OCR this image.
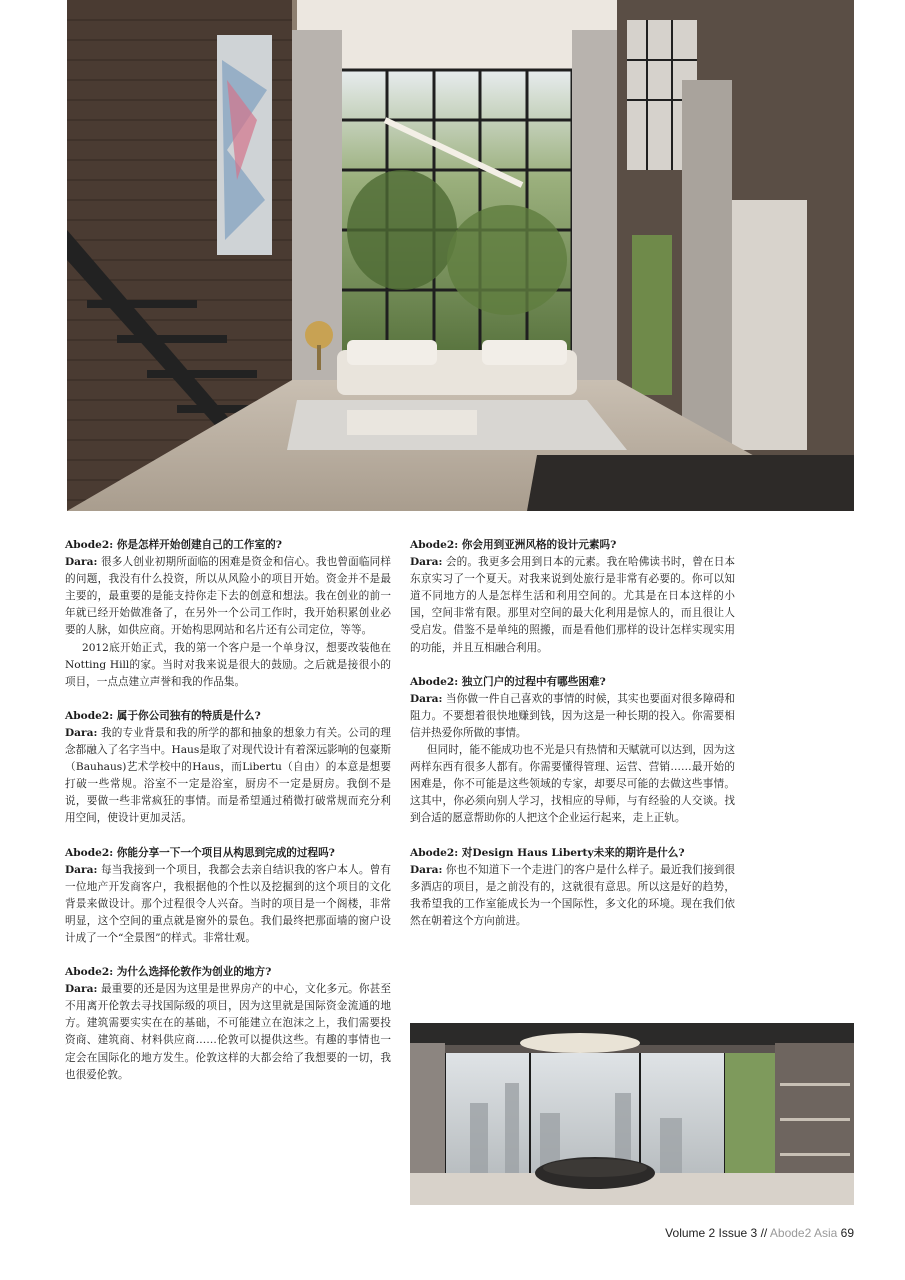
Abode2: 你是怎样开始创建自己的工作室的?
Dara: 很多人创业初期所面临的困难是资金和信心。我也曾面临同样的问题，我没有什么投资，所以从风险小的项目开始。资金并不是最主要的，最重要的是能支持你走下去的创意和想法。我在创业的前一年就已经开始做准备了，在另外一个公司工作时，我开始积累创业必要的人脉，如供应商。开始构思网站和名片还有公司定位，等等。
2012底开始正式，我的第一个客户是一个单身汉，想要改装他在Notting Hill的家。当时对我来说是很大的鼓励。之后就是接很小的项目，一点点建立声誉和我的作品集。
Abode2: 属于你公司独有的特质是什么?
Dara: 我的专业背景和我的所学的都和抽象的想象力有关。公司的理念都融入了名字当中。Haus是取了对现代设计有着深远影响的包豪斯（Bauhaus)艺术学校中的Haus，而Libertu（自由）的本意是想要打破一些常规。浴室不一定是浴室，厨房不一定是厨房。我倒不是说，要做一些非常疯狂的事情。而是希望通过稍微打破常规而充分利用空间，使设计更加灵活。
Abode2: 你能分享一下一个项目从构思到完成的过程吗?
Dara: 每当我接到一个项目，我都会去亲自结识我的客户本人。曾有一位地产开发商客户，我根据他的个性以及挖掘到的这个项目的文化背景来做设计。那个过程很令人兴奋。当时的项目是一个阁楼，非常明显，这个空间的重点就是窗外的景色。我们最终把那面墙的窗户设计成了一个“全景图”的样式。非常壮观。
Abode2: 为什么选择伦敦作为创业的地方?
Dara: 最重要的还是因为这里是世界房产的中心，文化多元。你甚至不用离开伦敦去寻找国际级的项目，因为这里就是国际资金流通的地方。建筑需要实实在在的基础，不可能建立在泡沫之上，我们需要投资商、建筑商、材料供应商……伦敦可以提供这些。有趣的事情也一定会在国际化的地方发生。伦敦这样的大都会给了我想要的一切，我也很爱伦敦。
Abode2: 你会用到亚洲风格的设计元素吗?
Dara: 会的。我更多会用到日本的元素。我在哈佛读书时，曾在日本东京实习了一个夏天。对我来说到处旅行是非常有必要的。你可以知道不同地方的人是怎样生活和利用空间的。尤其是在日本这样的小国，空间非常有限。那里对空间的最大化利用是惊人的，而且很让人受启发。借鉴不是单纯的照搬，而是看他们那样的设计怎样实现实用的功能，并且互相融合利用。
Abode2: 独立门户的过程中有哪些困难?
Dara: 当你做一件自己喜欢的事情的时候，其实也要面对很多障碍和阻力。不要想着很快地赚到钱，因为这是一种长期的投入。你需要相信并热爱你所做的事情。
但同时，能不能成功也不光是只有热情和天赋就可以达到，因为这两样东西有很多人都有。你需要懂得管理、运营、营销……最开始的困难是，你不可能是这些领域的专家，却要尽可能的去做这些事情。这其中，你必须向别人学习，找相应的导师，与有经验的人交谈。找到合适的愿意帮助你的人把这个企业运行起来，走上正轨。
Abode2: 对Design Haus Liberty未来的期许是什么?
Dara: 你也不知道下一个走进门的客户是什么样子。最近我们接到很多酒店的项目，是之前没有的，这就很有意思。所以这是好的趋势，我希望我的工作室能成长为一个国际性，多文化的环境。现在我们依然在朝着这个方向前进。
Volume 2 Issue 3 // Abode2 Asia 69
